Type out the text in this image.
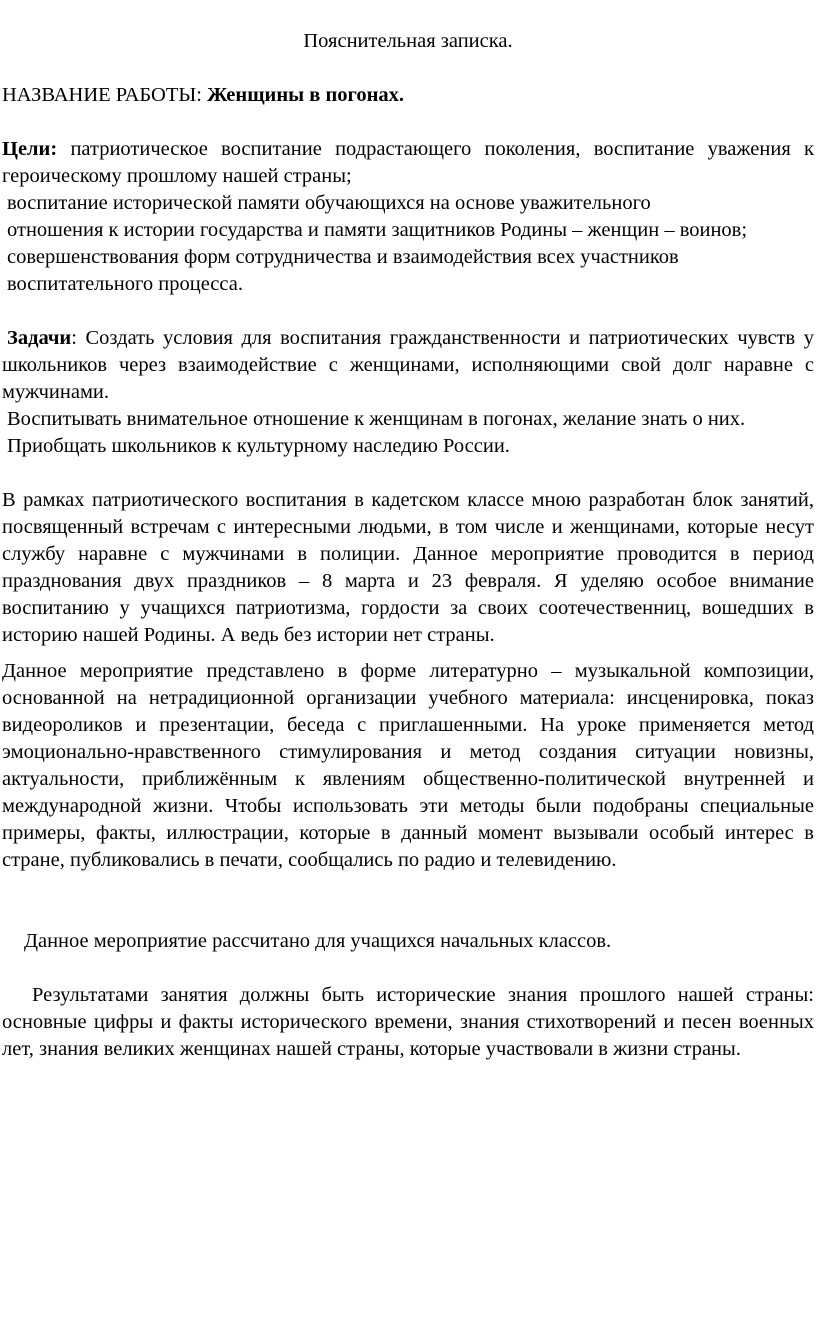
Пояснительная записка.

НАЗВАНИЕ РАБОТЫ: Женщины в погонах.

Цели: патриотическое воспитание подрастающего поколения, воспитание уважения к героическому прошлому нашей страны;

воспитание исторической памяти обучающихся на основе уважительного

отношения к истории государства и памяти защитников Родины – женщин – воинов;

совершенствования форм сотрудничества и взаимодействия всех участников

воспитательного процесса.

Задачи: Создать условия для воспитания гражданственности и патриотических чувств у школьников через взаимодействие с женщинами, исполняющими свой долг наравне с мужчинами.

Воспитывать внимательное отношение к женщинам в погонах, желание знать о них.

Приобщать школьников к культурному наследию России.

В рамках патриотического воспитания в кадетском классе мною разработан блок занятий, посвященный встречам с интересными людьми, в том числе и женщинами, которые несут службу наравне с мужчинами в полиции. Данное мероприятие проводится в период празднования двух праздников – 8 марта и 23 февраля. Я уделяю особое внимание воспитанию у учащихся патриотизма, гордости за своих соотечественниц, вошедших в историю нашей Родины. А ведь без истории нет страны.

Данное мероприятие представлено в форме литературно – музыкальной композиции, основанной на нетрадиционной организации учебного материала: инсценировка, показ видеороликов и презентации, беседа с приглашенными. На уроке применяется метод эмоционально-нравственного стимулирования и метод создания ситуации новизны, актуальности, приближённым к явлениям общественно-политической внутренней и международной жизни. Чтобы использовать эти методы были подобраны специальные примеры, факты, иллюстрации, которые в данный момент вызывали особый интерес в стране, публиковались в печати, сообщались по радио и телевидению.

Данное мероприятие рассчитано для учащихся начальных классов.

Результатами занятия должны быть исторические знания прошлого нашей страны: основные цифры и факты исторического времени, знания стихотворений и песен военных лет, знания великих женщинах нашей страны, которые участвовали в жизни страны.
